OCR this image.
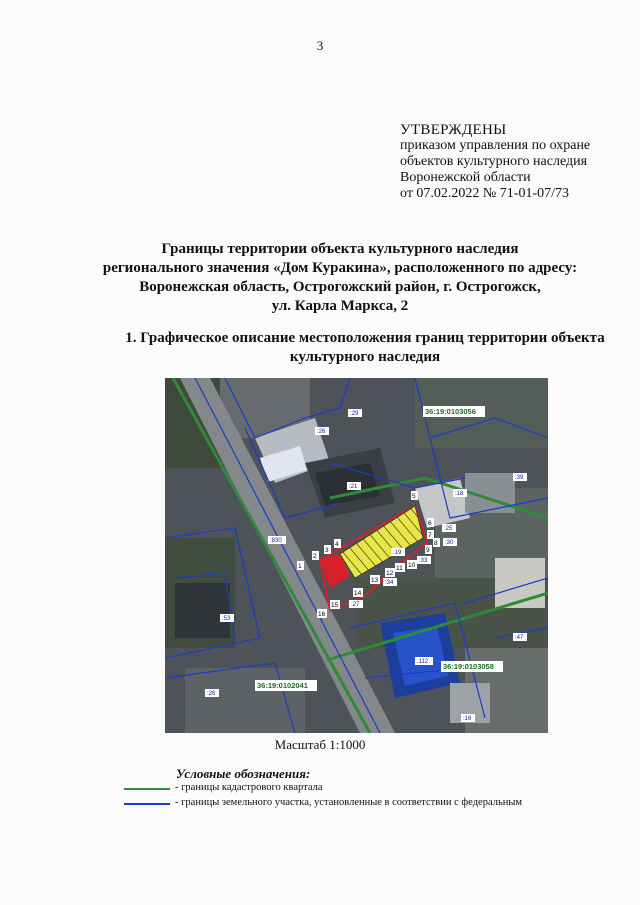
3
УТВЕРЖДЕНЫ
приказом управления по охране
объектов культурного наследия
Воронежской области
от 07.02.2022 № 71-01-07/73
Границы территории объекта культурного наследия
регионального значения «Дом Куракина», расположенного по адресу:
Воронежская область, Острогожский район, г. Острогожск,
ул. Карла Маркса, 2
1. Графическое описание местоположения границ территории объекта
культурного наследия
36:19:0103056
36:19:0103058
36:19:0102041
:29
:26
:21
:18
:25
:39
:830
:53
:26
:47
:112
:16
:19
:33
:34
:27
1
2
3
4
5
6
7
8
9
10
11
12
13
14
15
16
:30
Масштаб 1:1000
Условные обозначения:
- границы кадастрового квартала
- границы земельного участка, установленные в соответствии с федеральным
